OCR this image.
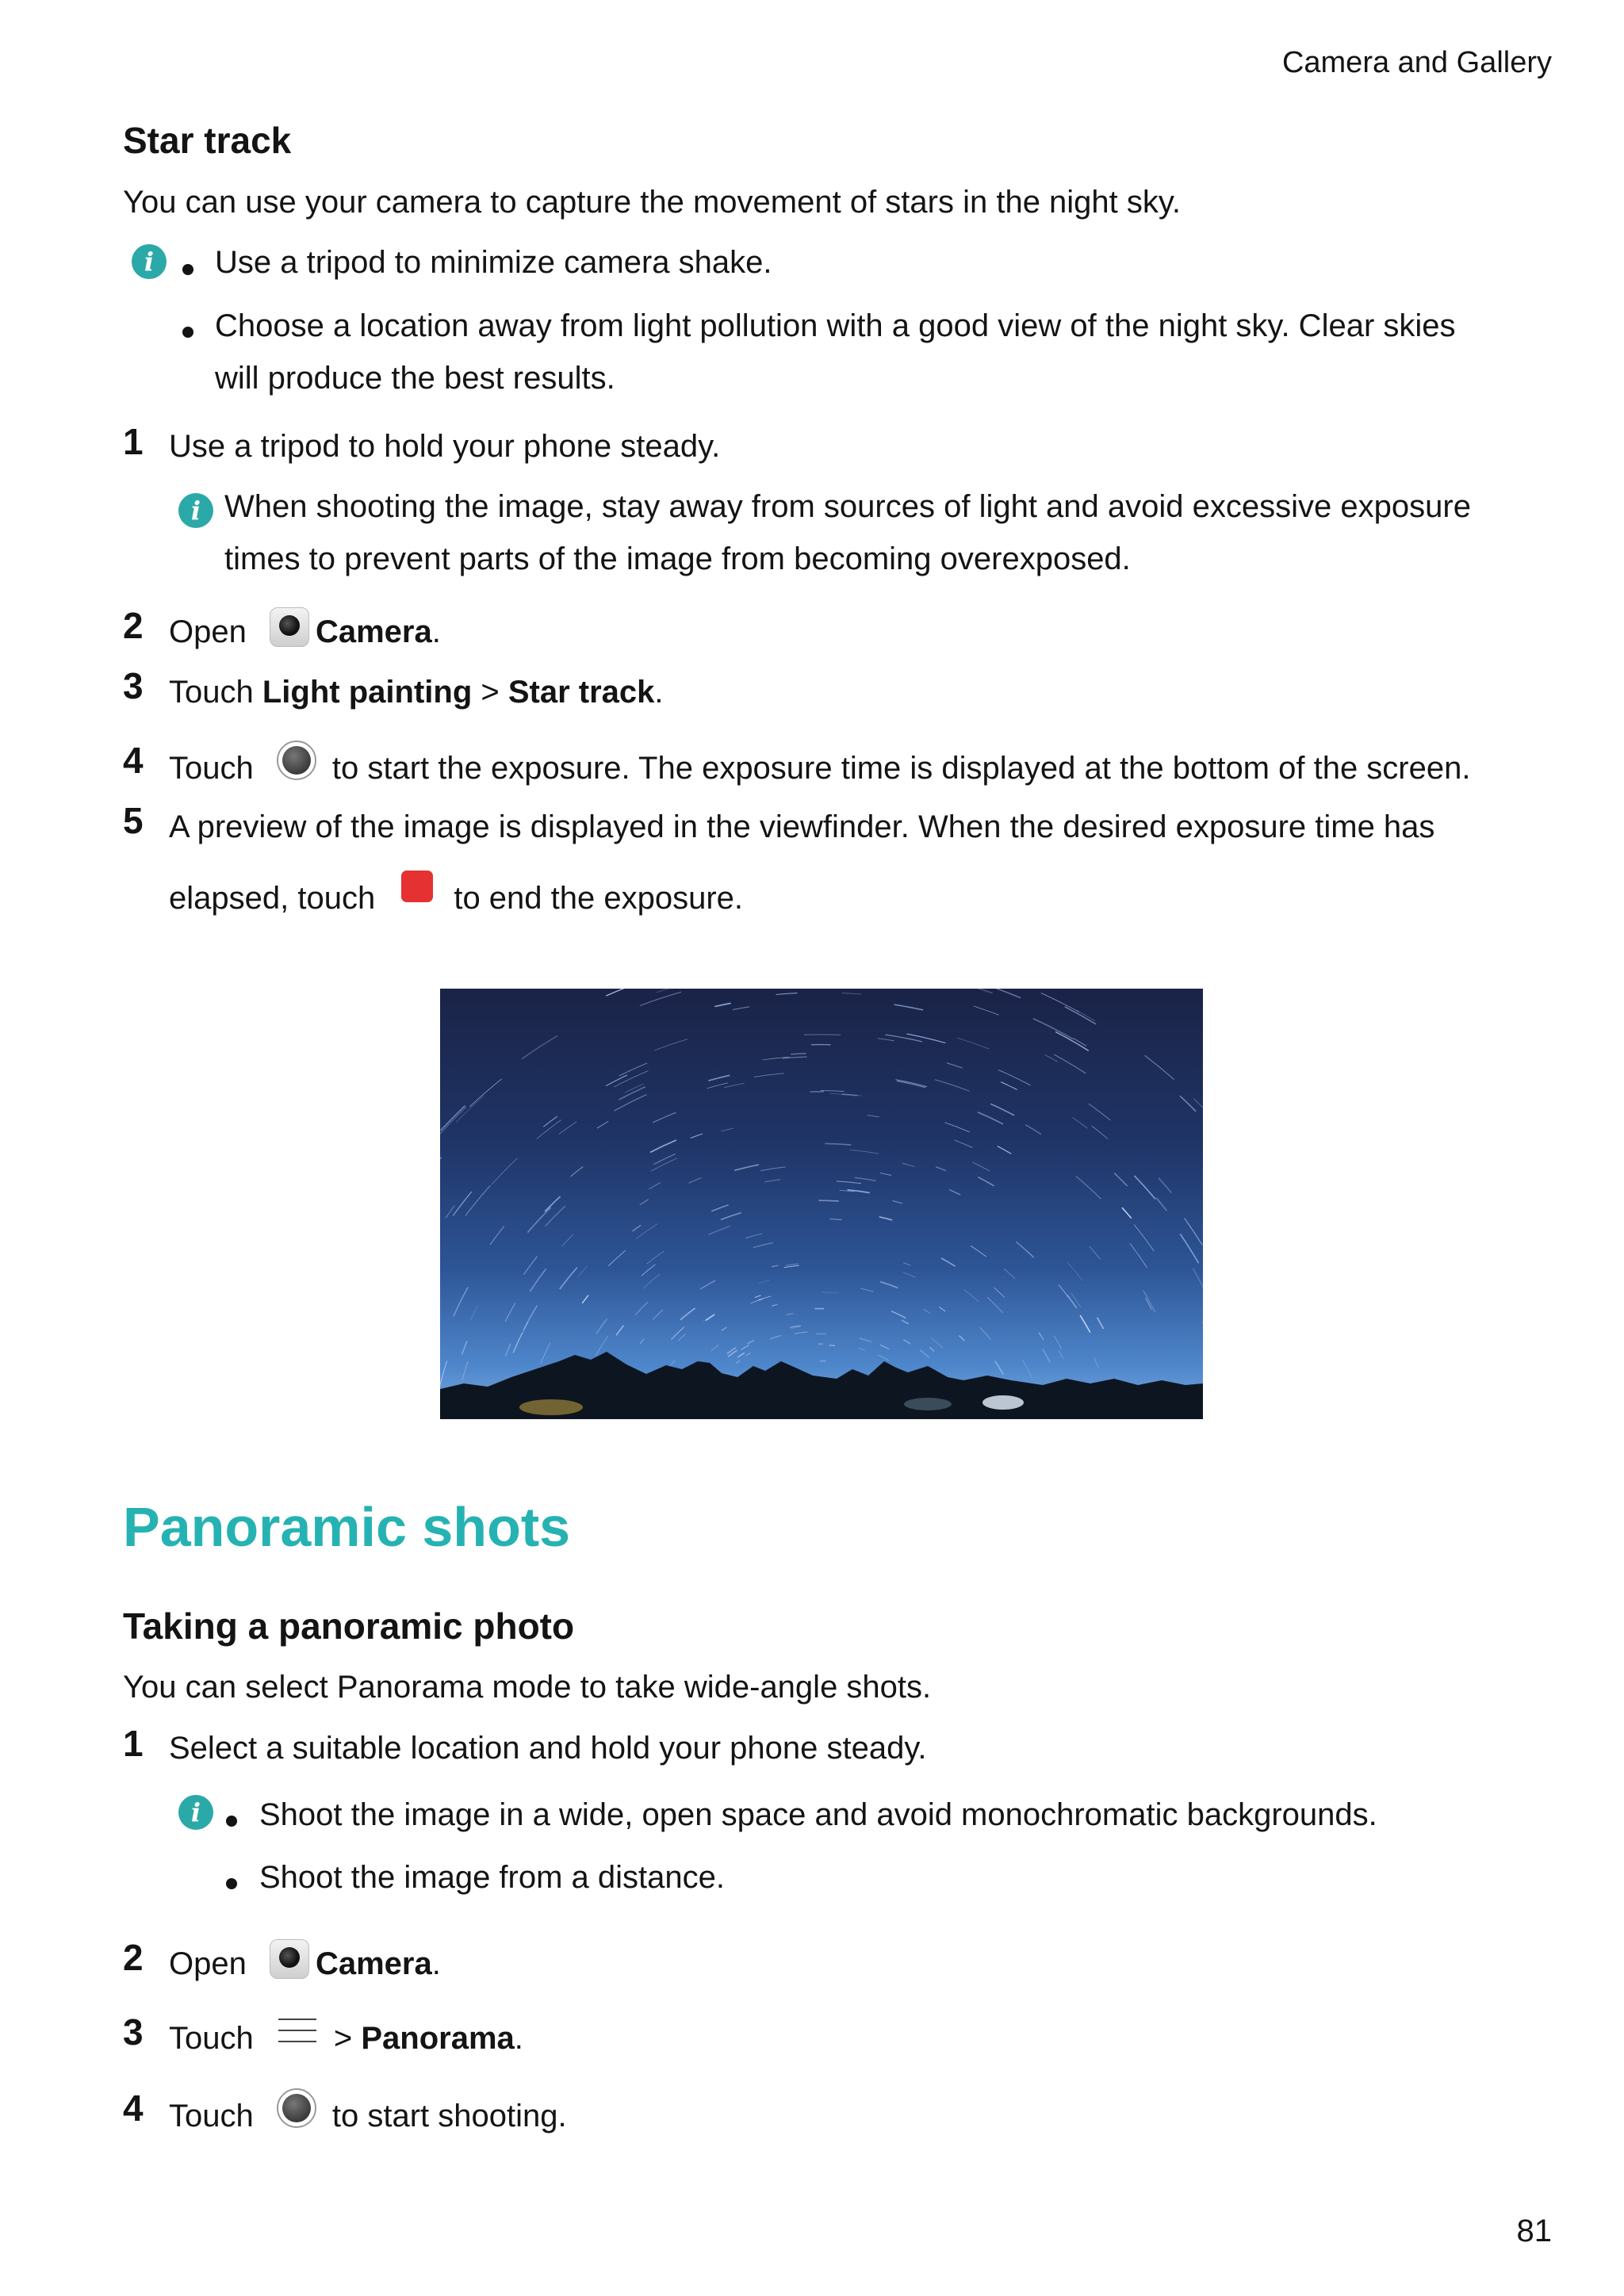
Camera and Gallery
Star track
You can use your camera to capture the movement of stars in the night sky.
i	Use a tripod to minimize camera shake.
Choose a location away from light pollution with a good view of the night sky. Clear skies
will produce the best results.
1 Use a tripod to hold your phone steady.
i When shooting the image, stay away from sources of light and avoid excessive exposure
times to prevent parts of the image from becoming overexposed.
2 Open Camera.
3 Touch Light painting > Star track.
4 Touch to start the exposure. The exposure time is displayed at the bottom of the screen.
5 A preview of the image is displayed in the viewfinder. When the desired exposure time has
elapsed, touch to end the exposure.
Panoramic shots
Taking a panoramic photo
You can select Panorama mode to take wide-angle shots.
1 Select a suitable location and hold your phone steady.
i	Shoot the image in a wide, open space and avoid monochromatic backgrounds.
Shoot the image from a distance.
2 Open Camera.
3 Touch	> Panorama.
4 Touch to start shooting.
81
